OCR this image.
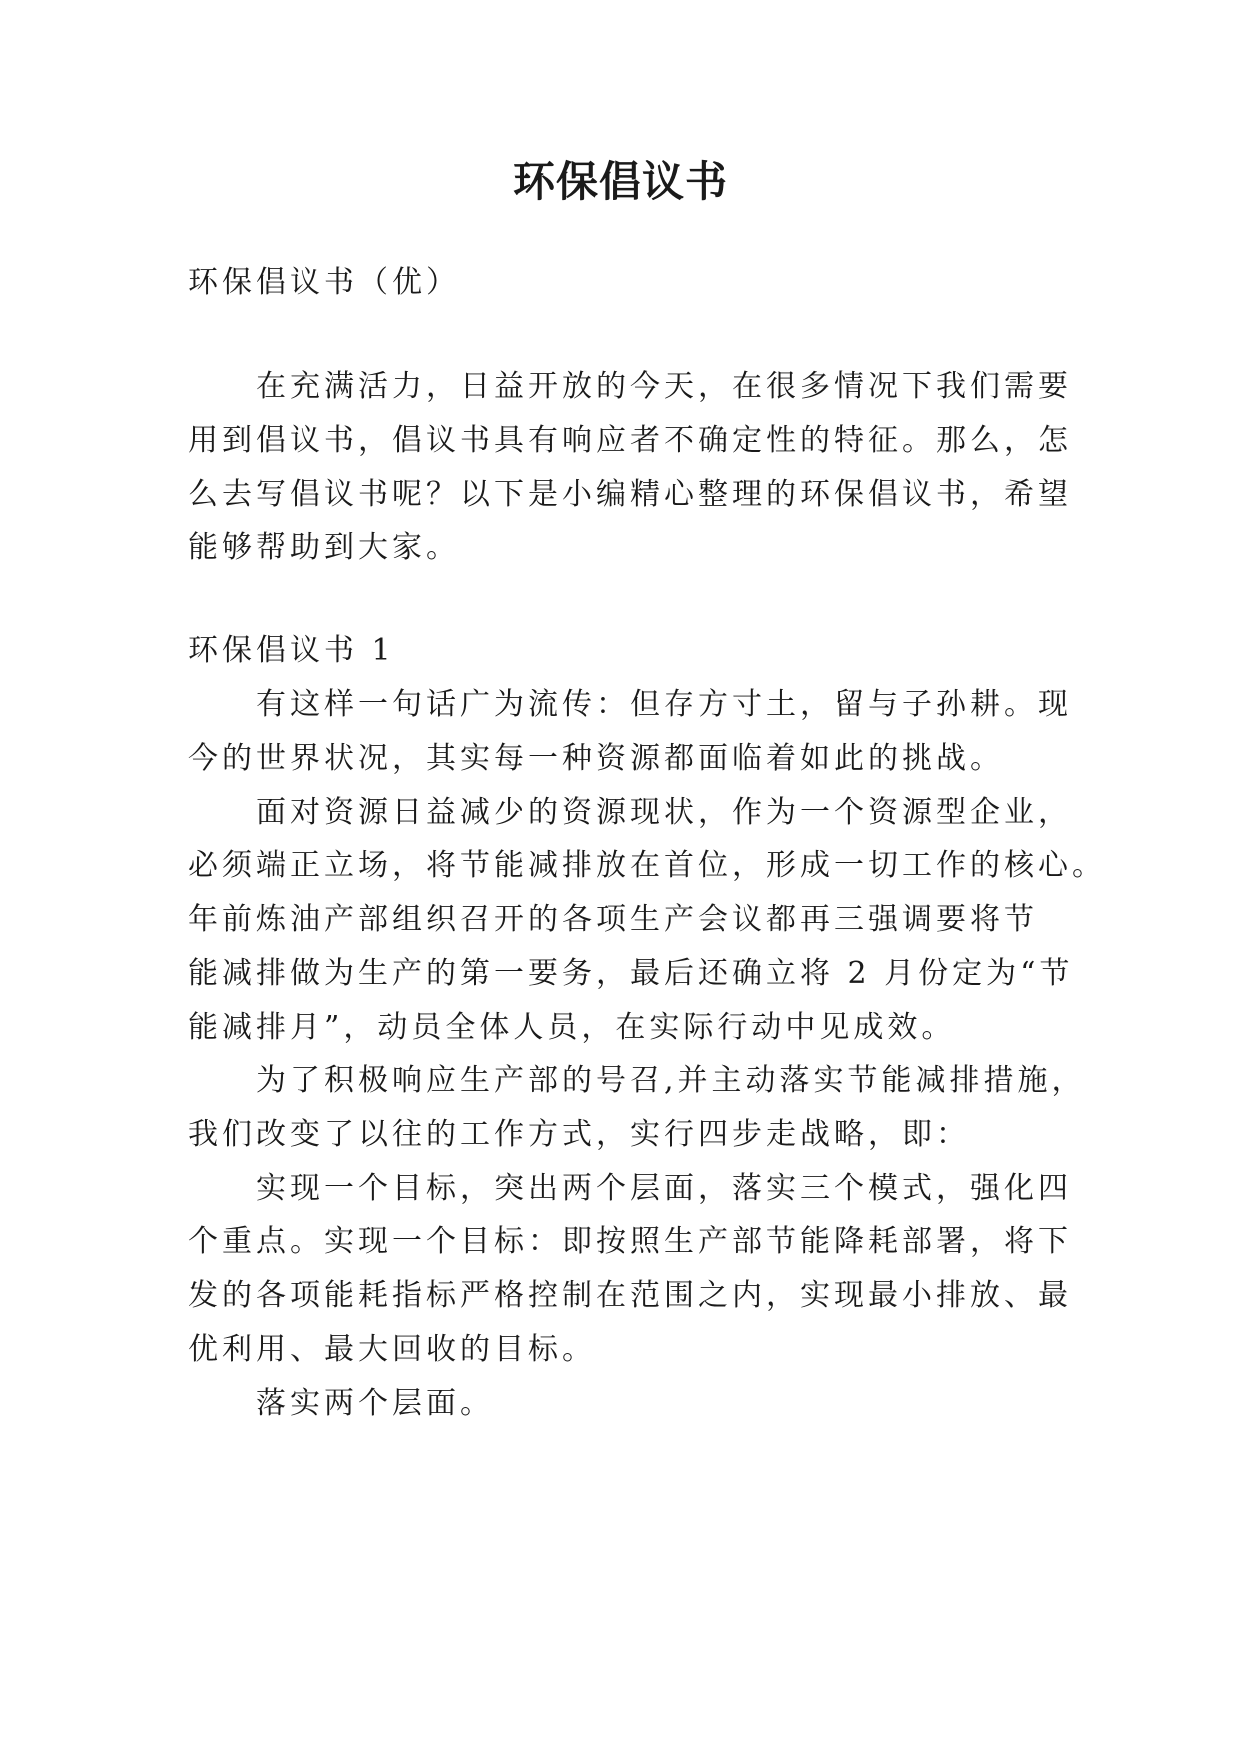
环保倡议书
环保倡议书（优）
在充满活力，日益开放的今天，在很多情况下我们需要
用到倡议书，倡议书具有响应者不确定性的特征。那么，怎
么去写倡议书呢？以下是小编精心整理的环保倡议书，希望
能够帮助到大家。
环保倡议书 1
有这样一句话广为流传：但存方寸土，留与子孙耕。现
今的世界状况，其实每一种资源都面临着如此的挑战。
面对资源日益减少的资源现状，作为一个资源型企业，
必须端正立场，将节能减排放在首位，形成一切工作的核心。
年前炼油产部组织召开的各项生产会议都再三强调要将节
能减排做为生产的第一要务，最后还确立将 2 月份定为“节
能减排月”，动员全体人员，在实际行动中见成效。
为了积极响应生产部的号召,并主动落实节能减排措施，
我们改变了以往的工作方式，实行四步走战略，即：
实现一个目标，突出两个层面，落实三个模式，强化四
个重点。实现一个目标：即按照生产部节能降耗部署，将下
发的各项能耗指标严格控制在范围之内，实现最小排放、最
优利用、最大回收的目标。
落实两个层面。
